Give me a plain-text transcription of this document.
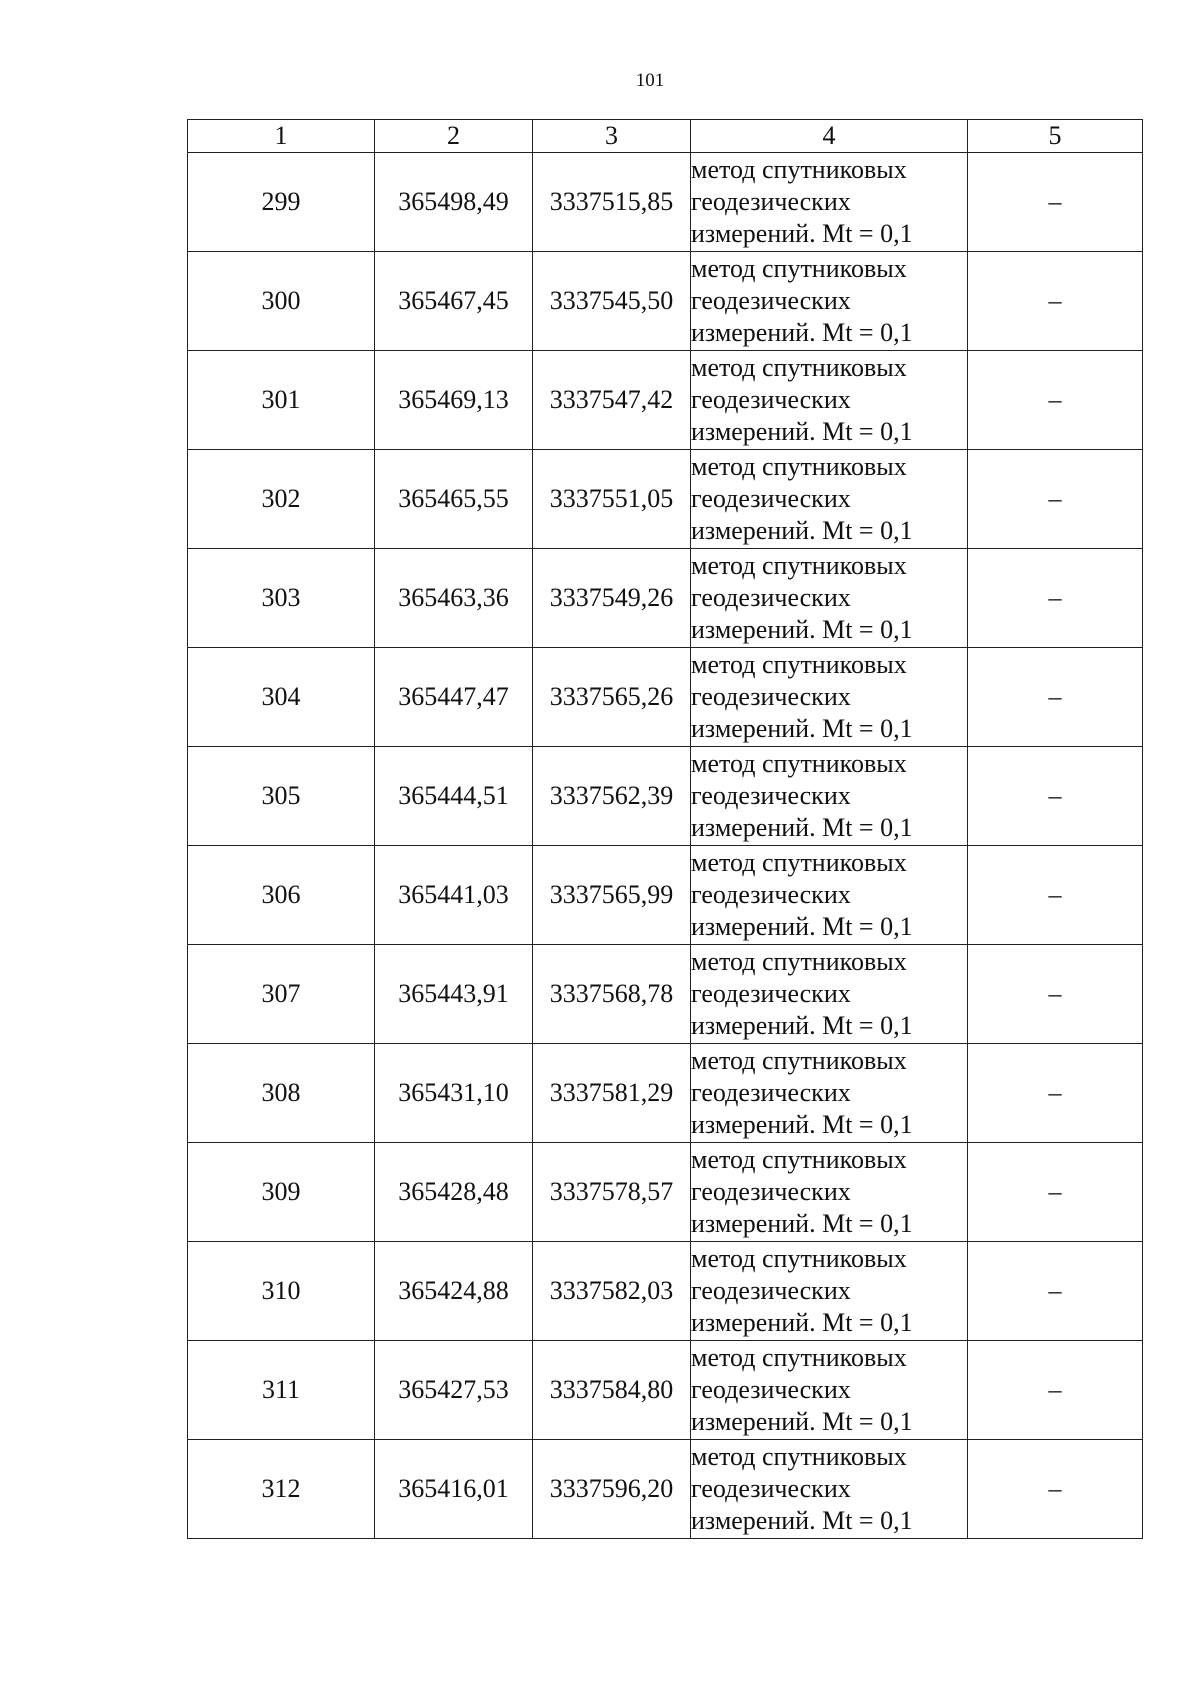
101
1	2	3	4	5
299	365498,49	3337515,85	метод спутниковых
геодезических
измерений. Mt = 0,1	–
300	365467,45	3337545,50	метод спутниковых
геодезических
измерений. Mt = 0,1	–
301	365469,13	3337547,42	метод спутниковых
геодезических
измерений. Mt = 0,1	–
302	365465,55	3337551,05	метод спутниковых
геодезических
измерений. Mt = 0,1	–
303	365463,36	3337549,26	метод спутниковых
геодезических
измерений. Mt = 0,1	–
304	365447,47	3337565,26	метод спутниковых
геодезических
измерений. Mt = 0,1	–
305	365444,51	3337562,39	метод спутниковых
геодезических
измерений. Mt = 0,1	–
306	365441,03	3337565,99	метод спутниковых
геодезических
измерений. Mt = 0,1	–
307	365443,91	3337568,78	метод спутниковых
геодезических
измерений. Mt = 0,1	–
308	365431,10	3337581,29	метод спутниковых
геодезических
измерений. Mt = 0,1	–
309	365428,48	3337578,57	метод спутниковых
геодезических
измерений. Mt = 0,1	–
310	365424,88	3337582,03	метод спутниковых
геодезических
измерений. Mt = 0,1	–
311	365427,53	3337584,80	метод спутниковых
геодезических
измерений. Mt = 0,1	–
312	365416,01	3337596,20	метод спутниковых
геодезических
измерений. Mt = 0,1	–
